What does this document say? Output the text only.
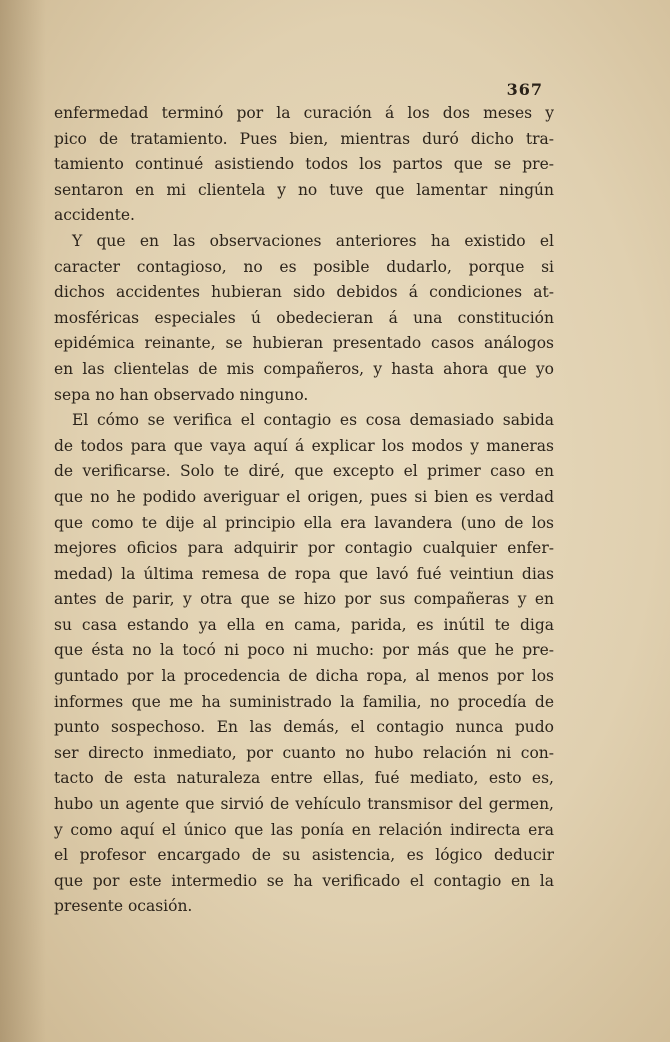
367
enfermedad terminó por la curación á los dos meses y
pico de tratamiento. Pues bien, mientras duró dicho tra-
tamiento continué asistiendo todos los partos que se pre-
sentaron en mi clientela y no tuve que lamentar ningún
accidente.
Y que en las observaciones anteriores ha existido el
caracter contagioso, no es posible dudarlo, porque si
dichos accidentes hubieran sido debidos á condiciones at-
mosféricas especiales ú obedecieran á una constitución
epidémica reinante, se hubieran presentado casos análogos
en las clientelas de mis compañeros, y hasta ahora que yo
sepa no han observado ninguno.
El cómo se verifica el contagio es cosa demasiado sabida
de todos para que vaya aquí á explicar los modos y maneras
de verificarse. Solo te diré, que excepto el primer caso en
que no he podido averiguar el origen, pues si bien es verdad
que como te dije al principio ella era lavandera (uno de los
mejores oficios para adquirir por contagio cualquier enfer-
medad) la última remesa de ropa que lavó fué veintiun dias
antes de parir, y otra que se hizo por sus compañeras y en
su casa estando ya ella en cama, parida, es inútil te diga
que ésta no la tocó ni poco ni mucho: por más que he pre-
guntado por la procedencia de dicha ropa, al menos por los
informes que me ha suministrado la familia, no procedía de
punto sospechoso. En las demás, el contagio nunca pudo
ser directo inmediato, por cuanto no hubo relación ni con-
tacto de esta naturaleza entre ellas, fué mediato, esto es,
hubo un agente que sirvió de vehículo transmisor del germen,
y como aquí el único que las ponía en relación indirecta era
el profesor encargado de su asistencia, es lógico deducir
que por este intermedio se ha verificado el contagio en la
presente ocasión.
